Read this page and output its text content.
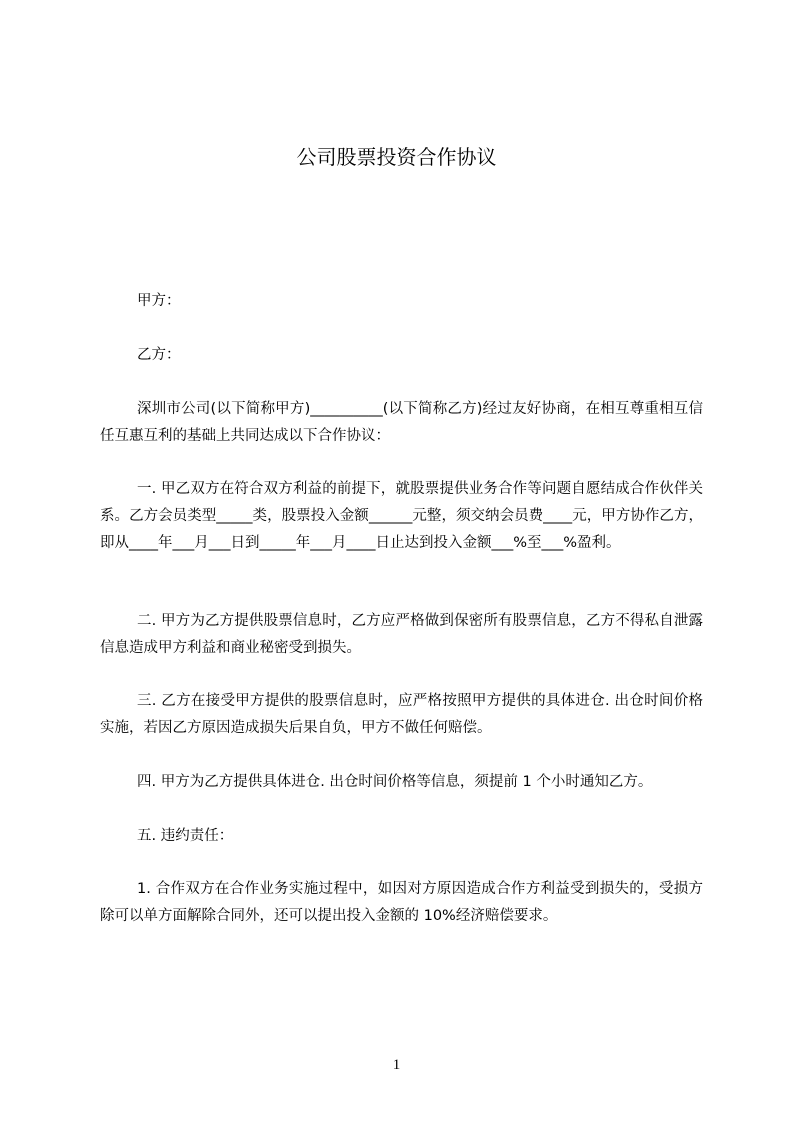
公司股票投资合作协议

甲方：

乙方：

深圳市公司(以下简称甲方)__________(以下简称乙方)经过友好协商，在相互尊重相互信任互惠互利的基础上共同达成以下合作协议：

一. 甲乙双方在符合双方利益的前提下，就股票提供业务合作等问题自愿结成合作伙伴关系。乙方会员类型_____类，股票投入金额______元整，须交纳会员费____元，甲方协作乙方，即从____年___月___日到_____年___月____日止达到投入金额___%至___%盈利。

二. 甲方为乙方提供股票信息时，乙方应严格做到保密所有股票信息，乙方不得私自泄露信息造成甲方利益和商业秘密受到损失。

三. 乙方在接受甲方提供的股票信息时，应严格按照甲方提供的具体进仓. 出仓时间价格实施，若因乙方原因造成损失后果自负，甲方不做任何赔偿。

四. 甲方为乙方提供具体进仓. 出仓时间价格等信息，须提前 1 个小时通知乙方。

五. 违约责任：

1. 合作双方在合作业务实施过程中，如因对方原因造成合作方利益受到损失的，受损方除可以单方面解除合同外，还可以提出投入金额的 10%经济赔偿要求。

1
